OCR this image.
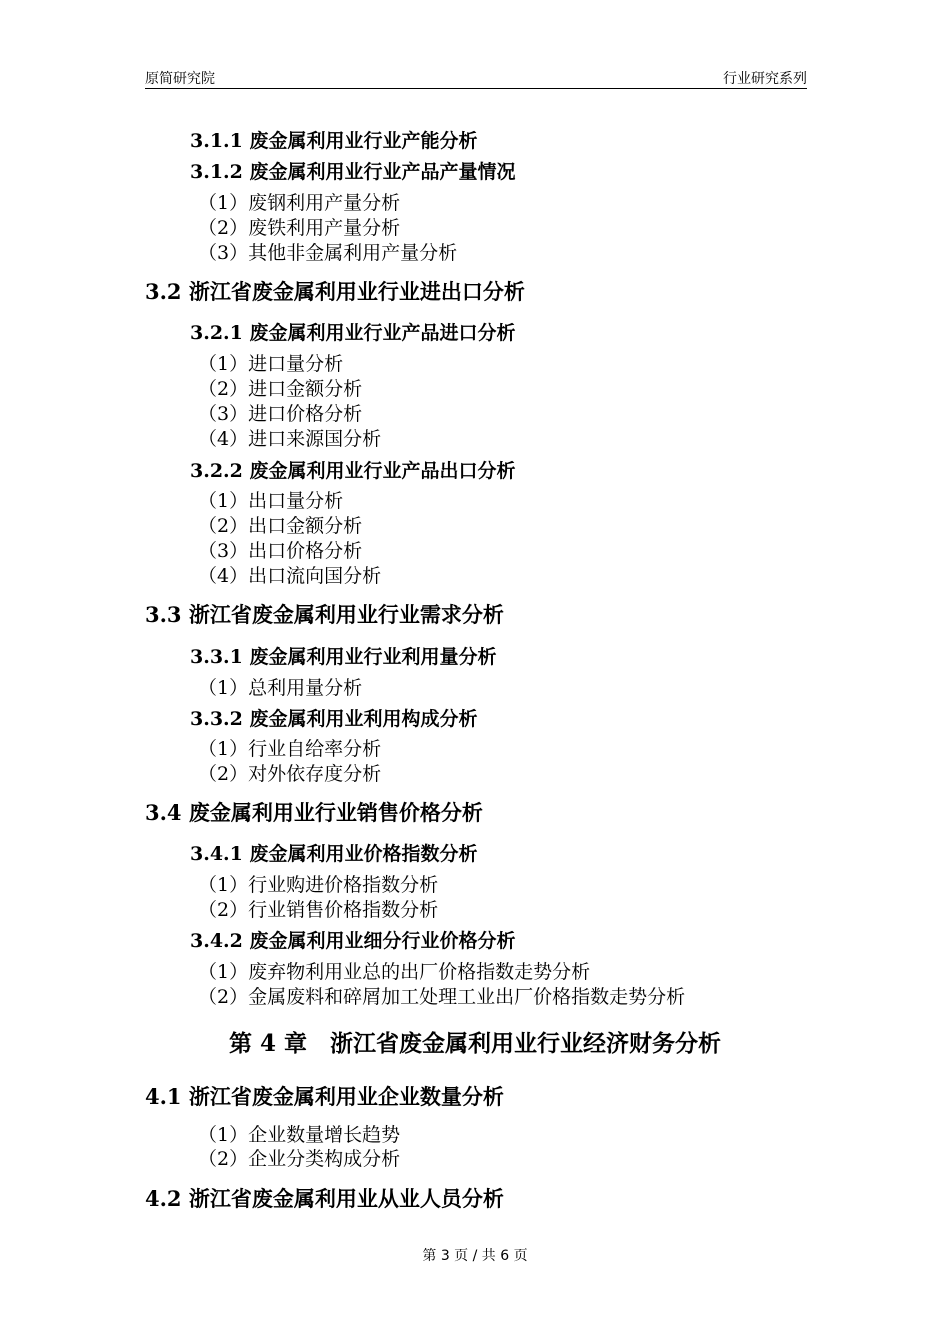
原简研究院	行业研究系列
3.1.1 废金属利用业行业产能分析
3.1.2 废金属利用业行业产品产量情况
（1）废钢利用产量分析
（2）废铁利用产量分析
（3）其他非金属利用产量分析
3.2 浙江省废金属利用业行业进出口分析
3.2.1 废金属利用业行业产品进口分析
（1）进口量分析
（2）进口金额分析
（3）进口价格分析
（4）进口来源国分析
3.2.2 废金属利用业行业产品出口分析
（1）出口量分析
（2）出口金额分析
（3）出口价格分析
（4）出口流向国分析
3.3 浙江省废金属利用业行业需求分析
3.3.1 废金属利用业行业利用量分析
（1）总利用量分析
3.3.2 废金属利用业利用构成分析
（1）行业自给率分析
（2）对外依存度分析
3.4 废金属利用业行业销售价格分析
3.4.1 废金属利用业价格指数分析
（1）行业购进价格指数分析
（2）行业销售价格指数分析
3.4.2 废金属利用业细分行业价格分析
（1）废弃物利用业总的出厂价格指数走势分析
（2）金属废料和碎屑加工处理工业出厂价格指数走势分析
第 4 章　浙江省废金属利用业行业经济财务分析
4.1 浙江省废金属利用业企业数量分析
（1）企业数量增长趋势
（2）企业分类构成分析
4.2 浙江省废金属利用业从业人员分析
第 3 页 / 共 6 页
